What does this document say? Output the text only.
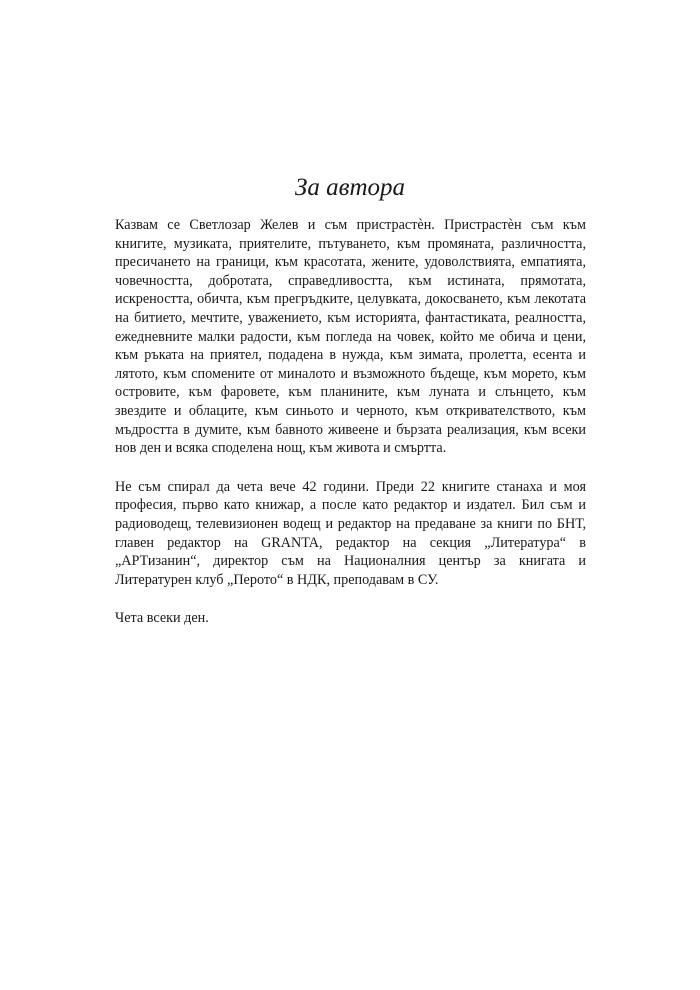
За автора

Казвам се Светлозар Желев и съм пристрастѐн. Пристрастѐн съм към книгите, музиката, приятелите, пътуването, към промяната, различността, пресичането на граници, към красотата, жените, удоволствията, емпатията, човечността, добротата, справедливостта, към истината, прямотата, искреността, обичта, към прегръдките, целувката, докосването, към лекотата на битието, мечтите, уважението, към историята, фантастиката, реалността, ежедневните малки радости, към погледа на човек, който ме обича и цени, към ръката на приятел, подадена в нужда, към зимата, пролетта, есента и лятото, към спомените от миналото и възможното бъдеще, към морето, към островите, към фаровете, към планините, към луната и слънцето, към звездите и облаците, към синьото и черното, към откривателството, към мъдростта в думите, към бавното живеене и бързата реализация, към всеки нов ден и всяка споделена нощ, към живота и смъртта.

Не съм спирал да чета вече 42 години. Преди 22 книгите станаха и моя професия, първо като книжар, а после като редактор и издател. Бил съм и радиоводещ, телевизионен водещ и редактор на предаване за книги по БНТ, главен редактор на GRANTA, редактор на секция „Литература“ в „АРТизанин“, директор съм на Националния център за книгата и Литературен клуб „Перото“ в НДК, преподавам в СУ.

Чета всеки ден.
